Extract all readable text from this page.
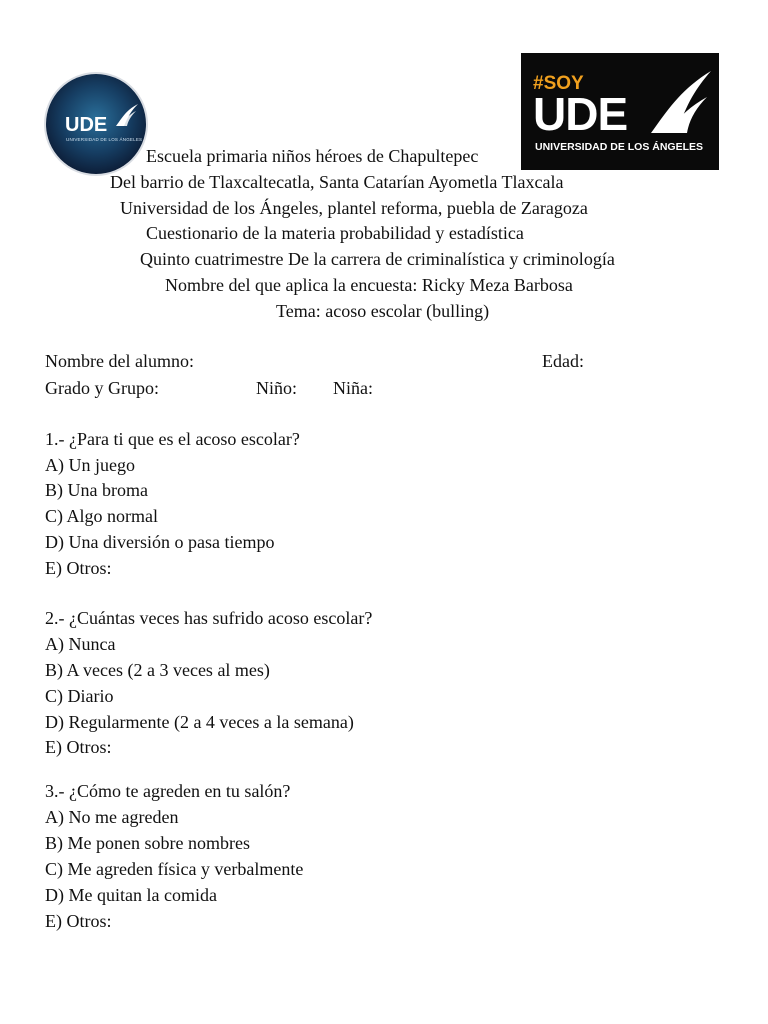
UDE
UNIVERSIDAD DE LOS ÁNGELES
#SOY
UDE
UNIVERSIDAD DE LOS ÁNGELES
Escuela primaria niños héroes de Chapultepec
Del barrio de Tlaxcaltecatla, Santa Catarían Ayometla Tlaxcala
Universidad de los Ángeles, plantel reforma, puebla de Zaragoza
Cuestionario de la materia probabilidad y estadística
Quinto cuatrimestre De la carrera de criminalística y criminología
Nombre del que aplica la encuesta: Ricky Meza Barbosa
Tema: acoso escolar (bulling)
Nombre del alumno:	Edad:
Grado y Grupo:	Niño: Niña:
1.- ¿Para ti que es el acoso escolar?
A) Un juego
B) Una broma
C) Algo normal
D) Una diversión o pasa tiempo
E) Otros:
2.- ¿Cuántas veces has sufrido acoso escolar?
A) Nunca
B) A veces (2 a 3 veces al mes)
C) Diario
D) Regularmente (2 a 4 veces a la semana)
E) Otros:
3.- ¿Cómo te agreden en tu salón?
A) No me agreden
B) Me ponen sobre nombres
C) Me agreden física y verbalmente
D) Me quitan la comida
E) Otros:
